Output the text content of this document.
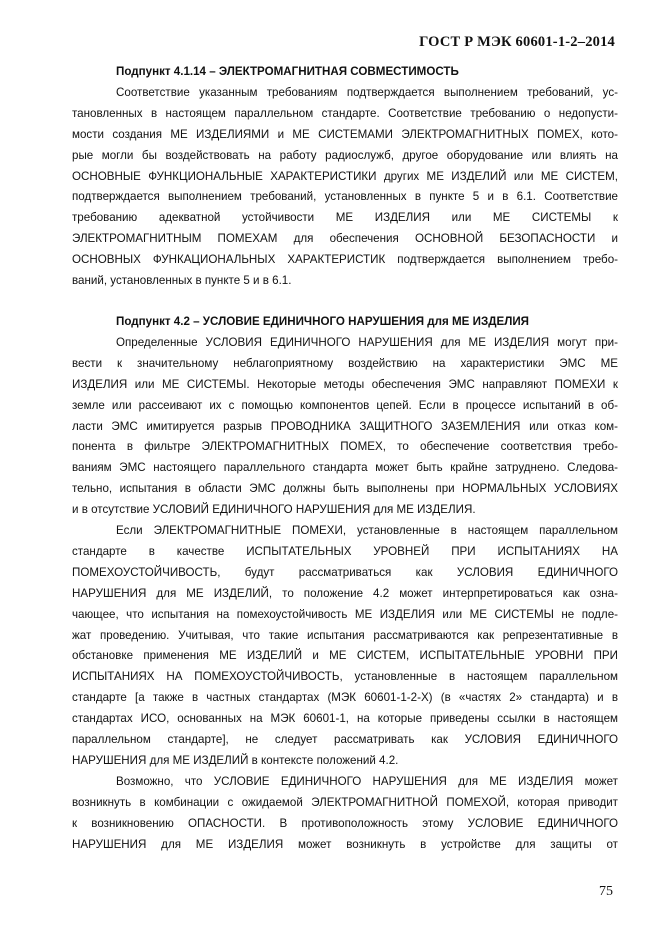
ГОСТ Р МЭК 60601-1-2–2014

Подпункт 4.1.14 – ЭЛЕКТРОМАГНИТНАЯ СОВМЕСТИМОСТЬ

Соответствие указанным требованиям подтверждается выполнением требований, ус-
тановленных в настоящем параллельном стандарте. Соответствие требованию о недопусти-
мости создания МЕ ИЗДЕЛИЯМИ и МЕ СИСТЕМАМИ ЭЛЕКТРОМАГНИТНЫХ ПОМЕХ, кото-
рые могли бы воздействовать на работу радиослужб, другое оборудование или влиять на
ОСНОВНЫЕ ФУНКЦИОНАЛЬНЫЕ ХАРАКТЕРИСТИКИ других МЕ ИЗДЕЛИЙ или МЕ СИСТЕМ,
подтверждается выполнением требований, установленных в пункте 5 и в 6.1. Соответствие
требованию адекватной устойчивости МЕ ИЗДЕЛИЯ или МЕ СИСТЕМЫ к
ЭЛЕКТРОМАГНИТНЫМ ПОМЕХАМ для обеспечения ОСНОВНОЙ БЕЗОПАСНОСТИ и
ОСНОВНЫХ ФУНКАЦИОНАЛЬНЫХ ХАРАКТЕРИСТИК подтверждается выполнением требо-
ваний, установленных в пункте 5 и в 6.1.

Подпункт 4.2 – УСЛОВИЕ ЕДИНИЧНОГО НАРУШЕНИЯ для МЕ ИЗДЕЛИЯ

Определенные УСЛОВИЯ ЕДИНИЧНОГО НАРУШЕНИЯ для МЕ ИЗДЕЛИЯ могут при-
вести к значительному неблагоприятному воздействию на характеристики ЭМС МЕ
ИЗДЕЛИЯ или МЕ СИСТЕМЫ. Некоторые методы обеспечения ЭМС направляют ПОМЕХИ к
земле или рассеивают их с помощью компонентов цепей. Если в процессе испытаний в об-
ласти ЭМС имитируется разрыв ПРОВОДНИКА ЗАЩИТНОГО ЗАЗЕМЛЕНИЯ или отказ ком-
понента в фильтре ЭЛЕКТРОМАГНИТНЫХ ПОМЕХ, то обеспечение соответствия требо-
ваниям ЭМС настоящего параллельного стандарта может быть крайне затруднено. Следова-
тельно, испытания в области ЭМС должны быть выполнены при НОРМАЛЬНЫХ УСЛОВИЯХ
и в отсутствие УСЛОВИЙ ЕДИНИЧНОГО НАРУШЕНИЯ для МЕ ИЗДЕЛИЯ.
Если ЭЛЕКТРОМАГНИТНЫЕ ПОМЕХИ, установленные в настоящем параллельном
стандарте в качестве ИСПЫТАТЕЛЬНЫХ УРОВНЕЙ ПРИ ИСПЫТАНИЯХ НА
ПОМЕХОУСТОЙЧИВОСТЬ, будут рассматриваться как УСЛОВИЯ ЕДИНИЧНОГО
НАРУШЕНИЯ для МЕ ИЗДЕЛИЙ, то положение 4.2 может интерпретироваться как озна-
чающее, что испытания на помехоустойчивость МЕ ИЗДЕЛИЯ или МЕ СИСТЕМЫ не подле-
жат проведению. Учитывая, что такие испытания рассматриваются как репрезентативные в
обстановке применения МЕ ИЗДЕЛИЙ и МЕ СИСТЕМ, ИСПЫТАТЕЛЬНЫЕ УРОВНИ ПРИ
ИСПЫТАНИЯХ НА ПОМЕХОУСТОЙЧИВОСТЬ, установленные в настоящем параллельном
стандарте [а также в частных стандартах (МЭК 60601-1-2-Х) (в «частях 2» стандарта) и в
стандартах ИСО, основанных на МЭК 60601-1, на которые приведены ссылки в настоящем
параллельном стандарте], не следует рассматривать как УСЛОВИЯ ЕДИНИЧНОГО
НАРУШЕНИЯ для МЕ ИЗДЕЛИЙ в контексте положений 4.2.
Возможно, что УСЛОВИЕ ЕДИНИЧНОГО НАРУШЕНИЯ для МЕ ИЗДЕЛИЯ может
возникнуть в комбинации с ожидаемой ЭЛЕКТРОМАГНИТНОЙ ПОМЕХОЙ, которая приводит
к возникновению ОПАСНОСТИ. В противоположность этому УСЛОВИЕ ЕДИНИЧНОГО
НАРУШЕНИЯ для МЕ ИЗДЕЛИЯ может возникнуть в устройстве для защиты от
75
